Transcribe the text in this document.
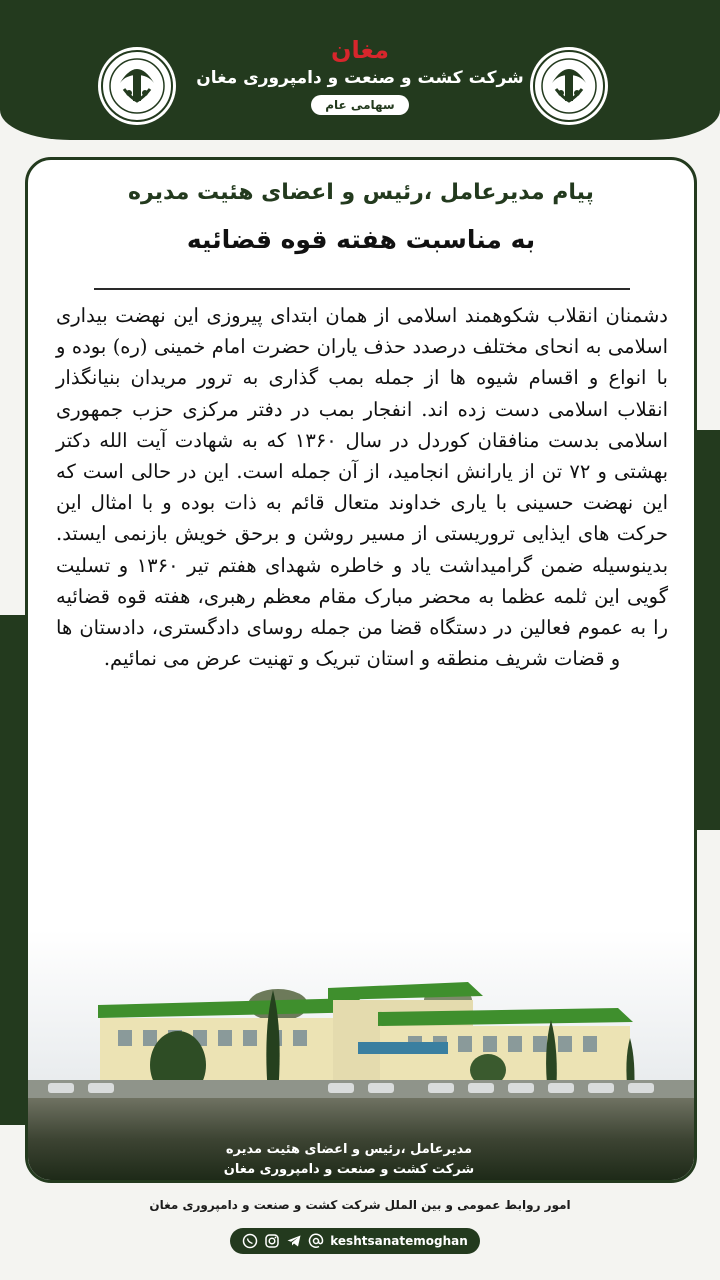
مغان
شرکت کشت و صنعت و دامپروری مغان
سهامی عام
پیام مدیرعامل ،رئیس و اعضای هئیت مدیره
به مناسبت هفته قوه قضائیه
دشمنان انقلاب شکوهمند اسلامی از همان ابتدای پیروزی این نهضت بیداری اسلامی به انحای مختلف درصدد حذف یاران حضرت امام خمینی (ره) بوده و با انواع و اقسام شیوه ها از جمله بمب گذاری به ترور مریدان بنیانگذار انقلاب اسلامی دست زده اند. انفجار بمب در دفتر مرکزی حزب جمهوری اسلامی بدست منافقان کوردل در سال ۱۳۶۰ که به شهادت آیت الله دکتر بهشتی و ۷۲ تن از یارانش انجامید، از آن جمله است. این در حالی است که این نهضت حسینی با یاری خداوند متعال قائم به ذات بوده و با امثال این حرکت های ایذایی تروریستی از مسیر روشن و برحق خویش بازنمی ایستد. بدینوسیله ضمن گرامیداشت یاد و خاطره شهدای هفتم تیر ۱۳۶۰ و تسلیت گویی این ثلمه عظما به محضر مبارک مقام معظم رهبری، هفته قوه قضائیه را به عموم فعالین در دستگاه قضا من جمله روسای دادگستری، دادستان ها و قضات شریف منطقه و استان تبریک و تهنیت عرض می نمائیم.
مدیرعامل ،رئیس و اعضای هئیت مدیره
شرکت کشت و صنعت و دامپروری مغان
امور روابط عمومی و بین الملل شرکت کشت و صنعت و دامپروری مغان
keshtsanatemoghan
